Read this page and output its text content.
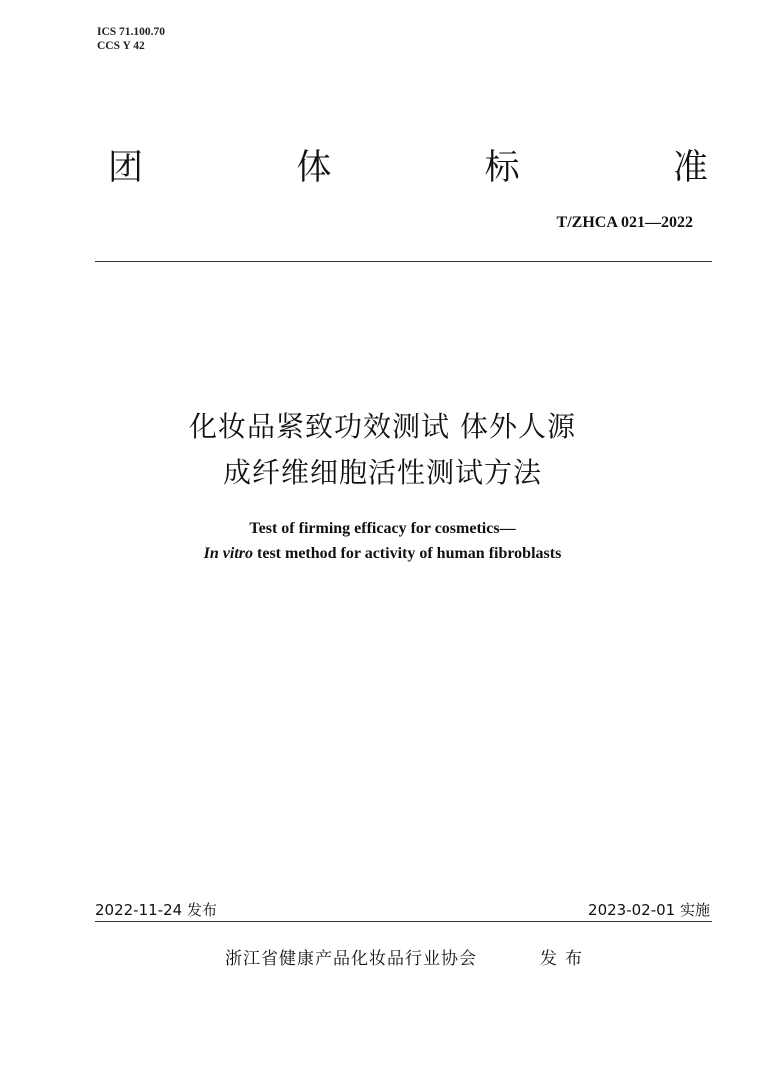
ICS 71.100.70
CCS Y 42
团	体	标	准
T/ZHCA 021—2022
化妆品紧致功效测试 体外人源
成纤维细胞活性测试方法
Test of firming efficacy for cosmetics—
In vitro test method for activity of human fibroblasts
2022-11-24 发布	2023-02-01 实施
浙江省健康产品化妆品行业协会	发布
